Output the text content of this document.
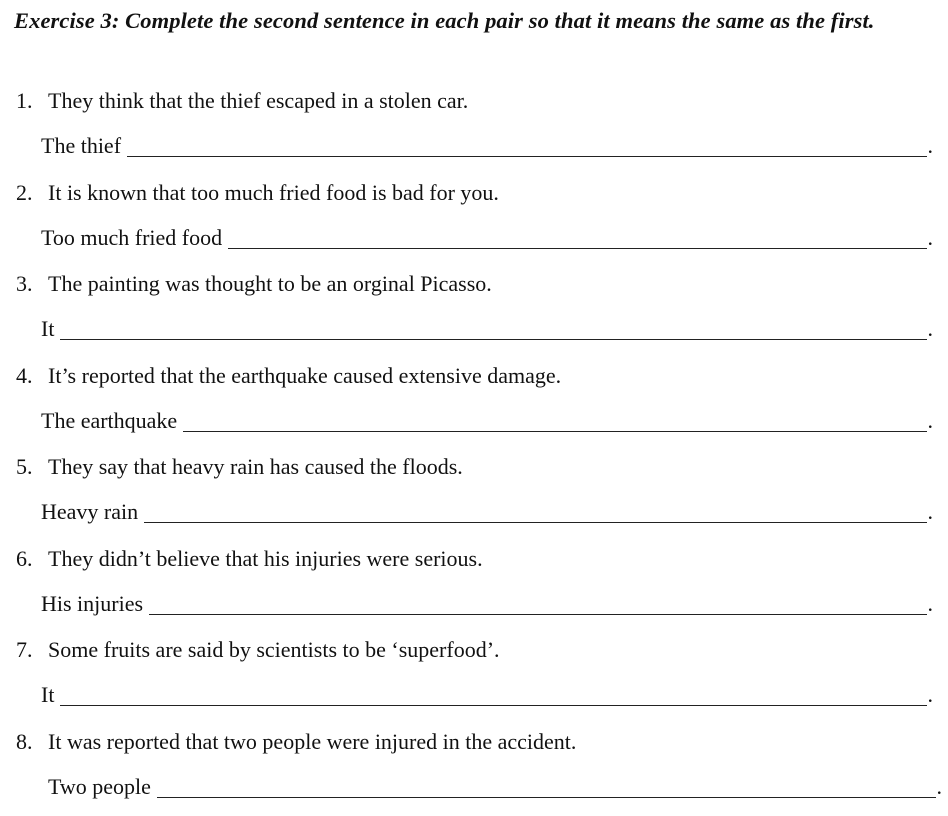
Exercise 3: Complete the second sentence in each pair so that it means the same as the first.
1. They think that the thief escaped in a stolen car.
The thief	.
2. It is known that too much fried food is bad for you.
Too much fried food	.
3. The painting was thought to be an orginal Picasso.
It	.
4. It’s reported that the earthquake caused extensive damage.
The earthquake	.
5. They say that heavy rain has caused the floods.
Heavy rain	.
6. They didn’t believe that his injuries were serious.
His injuries	.
7. Some fruits are said by scientists to be ‘superfood’.
It	.
8. It was reported that two people were injured in the accident.
Two people	.
